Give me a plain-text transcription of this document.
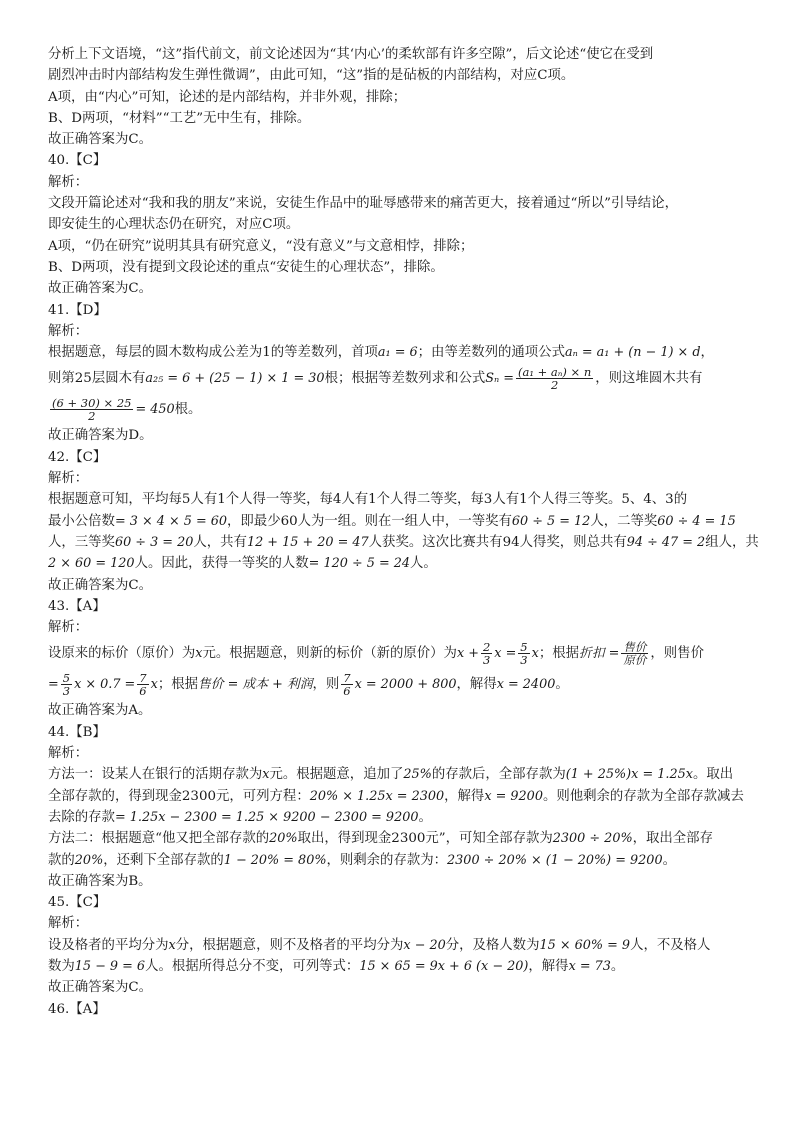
分析上下文语境，“这”指代前文，前文论述因为“其‘内心’的柔软部有许多空隙”，后文论述“使它在受到

剧烈冲击时内部结构发生弹性微调”，由此可知，“这”指的是砧板的内部结构，对应C项。

A项，由“内心”可知，论述的是内部结构，并非外观，排除；

B、D两项，“材料”“工艺”无中生有，排除。

故正确答案为C。

40.【C】

解析：

文段开篇论述对“我和我的朋友”来说，安徒生作品中的耻辱感带来的痛苦更大，接着通过“所以”引导结论，

即安徒生的心理状态仍在研究，对应C项。

A项，“仍在研究”说明其具有研究意义，“没有意义”与文意相悖，排除；

B、D两项，没有提到文段论述的重点“安徒生的心理状态”，排除。

故正确答案为C。

41.【D】

解析：

根据题意，每层的圆木数构成公差为1的等差数列，首项a₁ = 6；由等差数列的通项公式aₙ = a₁ + (n − 1) × d，

则第25层圆木有a₂₅ = 6 + (25 − 1) × 1 = 30根；根据等差数列求和公式$S_n = \frac{\text{(a₁ + aₙ) × n}}{2}$ ，则这堆圆木共有

$\frac{(6 + 30) \times 25}{2} = 450$根。

故正确答案为D。

42.【C】

解析：

根据题意可知，平均每5人有1个人得一等奖，每4人有1个人得二等奖，每3人有1个人得三等奖。5、4、3的

最小公倍数= 3 × 4 × 5 = 60，即最少60人为一组。则在一组人中，一等奖有60 ÷ 5 = 12人，二等奖60 ÷ 4 = 15

人，三等奖60 ÷ 3 = 20人，共有12 + 15 + 20 = 47人获奖。这次比赛共有94人得奖，则总共有94 ÷ 47 = 2组人，共

2 × 60 = 120人。因此，获得一等奖的人数= 120 ÷ 5 = 24人。

故正确答案为C。

43.【A】

解析：

设原来的标价（原价）为x元。根据题意，则新的标价（新的原价）为$x + \frac{2}{3}$ $x = \frac{5}{3}$ x；根据折扣 = $\frac{\text{售价}}{\text{原价}}$ ，则售价

= $\frac{5}{3}$ $x \times 0.7 = \frac{7}{6}$ x；根据售价 = 成本 + 利润，则 $\frac{7}{6}$ x = 2000 + 800，解得x = 2400。

故正确答案为A。

44.【B】

解析：

方法一：设某人在银行的活期存款为x元。根据题意，追加了25%的存款后，全部存款为(1 + 25%)x = 1.25x。取出

全部存款的，得到现金2300元，可列方程：20% × 1.25x = 2300，解得x = 9200。则他剩余的存款为全部存款减去

去除的存款= 1.25x − 2300 = 1.25 × 9200 − 2300 = 9200。

方法二：根据题意“他又把全部存款的20%取出，得到现金2300元”，可知全部存款为2300 ÷ 20%，取出全部存

款的20%，还剩下全部存款的1 − 20% = 80%，则剩余的存款为：2300 ÷ 20% × (1 − 20%) = 9200。

故正确答案为B。

45.【C】

解析：

设及格者的平均分为x分，根据题意，则不及格者的平均分为x − 20分，及格人数为15 × 60% = 9人，不及格人

数为15 − 9 = 6人。根据所得总分不变，可列等式：15 × 65 = 9x + 6 (x − 20)，解得x = 73。

故正确答案为C。

46.【A】
